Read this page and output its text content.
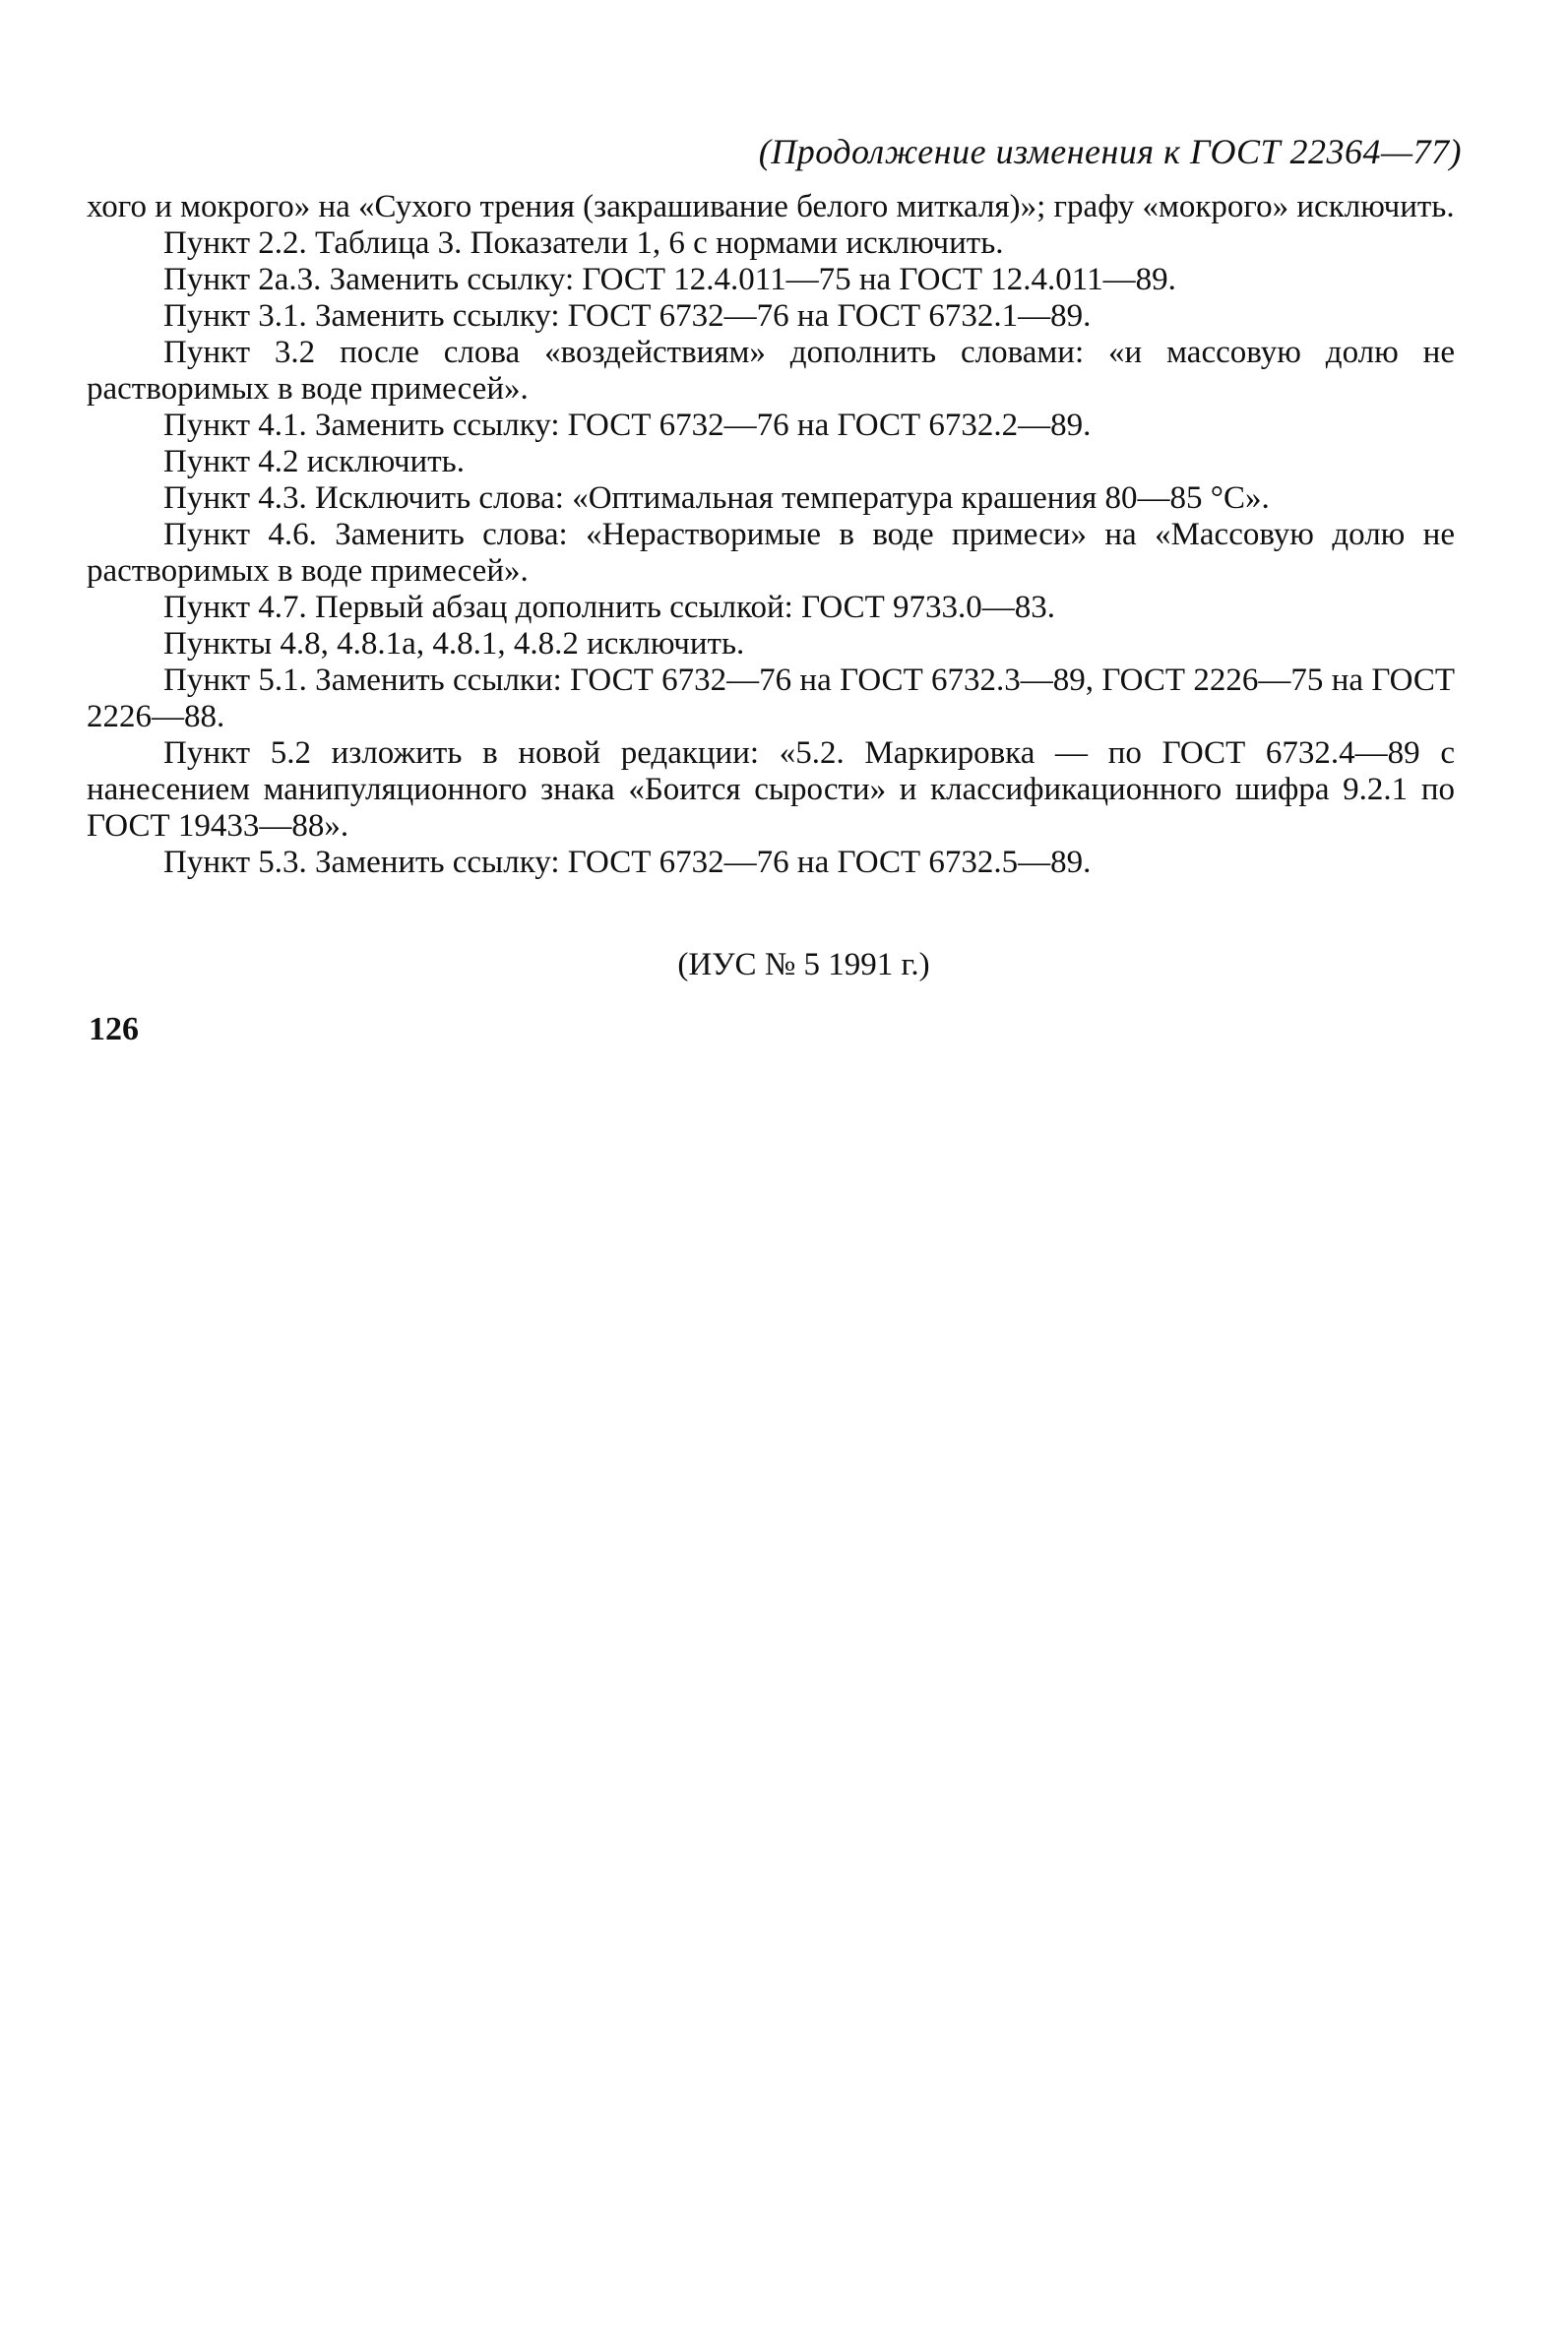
(Продолжение изменения к ГОСТ 22364—77)

хого и мокрого» на «Сухого трения (закрашивание белого миткаля)»; графу «мокрого» исключить.

Пункт 2.2. Таблица 3. Показатели 1, 6 с нормами исключить.

Пункт 2а.3. Заменить ссылку: ГОСТ 12.4.011—75 на ГОСТ 12.4.011—89.

Пункт 3.1. Заменить ссылку: ГОСТ 6732—76 на ГОСТ 6732.1—89.

Пункт 3.2 после слова «воздействиям» дополнить словами: «и массовую долю не растворимых в воде примесей».

Пункт 4.1. Заменить ссылку: ГОСТ 6732—76 на ГОСТ 6732.2—89.

Пункт 4.2 исключить.

Пункт 4.3. Исключить слова: «Оптимальная температура крашения 80—85 °С».

Пункт 4.6. Заменить слова: «Нерастворимые в воде примеси» на «Массовую долю не растворимых в воде примесей».

Пункт 4.7. Первый абзац дополнить ссылкой: ГОСТ 9733.0—83.

Пункты 4.8, 4.8.1а, 4.8.1, 4.8.2 исключить.

Пункт 5.1. Заменить ссылки: ГОСТ 6732—76 на ГОСТ 6732.3—89, ГОСТ 2226—75 на ГОСТ 2226—88.

Пункт 5.2 изложить в новой редакции: «5.2. Маркировка — по ГОСТ 6732.4—89 с нанесением манипуляционного знака «Боится сырости» и классификационного шифра 9.2.1 по ГОСТ 19433—88».

Пункт 5.3. Заменить ссылку: ГОСТ 6732—76 на ГОСТ 6732.5—89.

(ИУС № 5 1991 г.)
126
